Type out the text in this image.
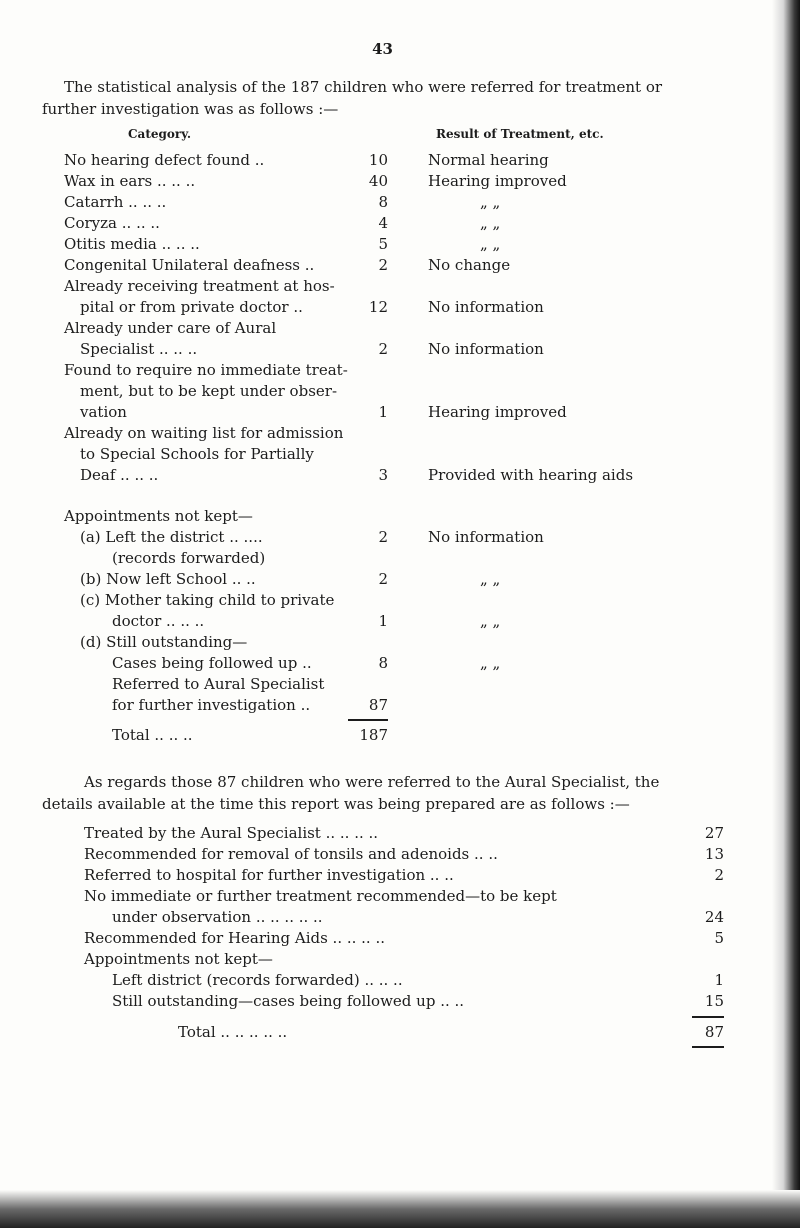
43
The statistical analysis of the 187 children who were referred for treatment or
further investigation was as follows :—
Category.	Result of Treatment, etc.
No hearing defect found ..	10	Normal hearing
Wax in ears .. .. ..	40	Hearing improved
Catarrh .. .. ..	8	„ „
Coryza .. .. ..	4	„ „
Otitis media .. .. ..	5	„ „
Congenital Unilateral deafness ..	2	No change
Already receiving treatment at hos-
pital or from private doctor ..	12	No information
Already under care of Aural
Specialist .. .. ..	2	No information
Found to require no immediate treat-
ment, but to be kept under obser-
vation	1	Hearing improved
Already on waiting list for admission
to Special Schools for Partially
Deaf .. .. ..	3	Provided with hearing aids
Appointments not kept—
(a) Left the district .. ....
(records forwarded)
2	No information
(b) Now left School .. ..	2	„ „
(c) Mother taking child to private
doctor .. .. ..	1	„ „
(d) Still outstanding—
Cases being followed up ..	8	„ „
Referred to Aural Specialist
for further investigation ..	87
Total .. .. ..	187
As regards those 87 children who were referred to the Aural Specialist, the
details available at the time this report was being prepared are as follows :—
Treated by the Aural Specialist .. .. .. ..	27
Recommended for removal of tonsils and adenoids .. ..	13
Referred to hospital for further investigation .. ..	2
No immediate or further treatment recommended—to be kept
under observation .. .. .. .. ..	24
Recommended for Hearing Aids .. .. .. ..	5
Appointments not kept—
Left district (records forwarded) .. .. ..	1
Still outstanding—cases being followed up .. ..	15
Total .. .. .. .. ..	87
